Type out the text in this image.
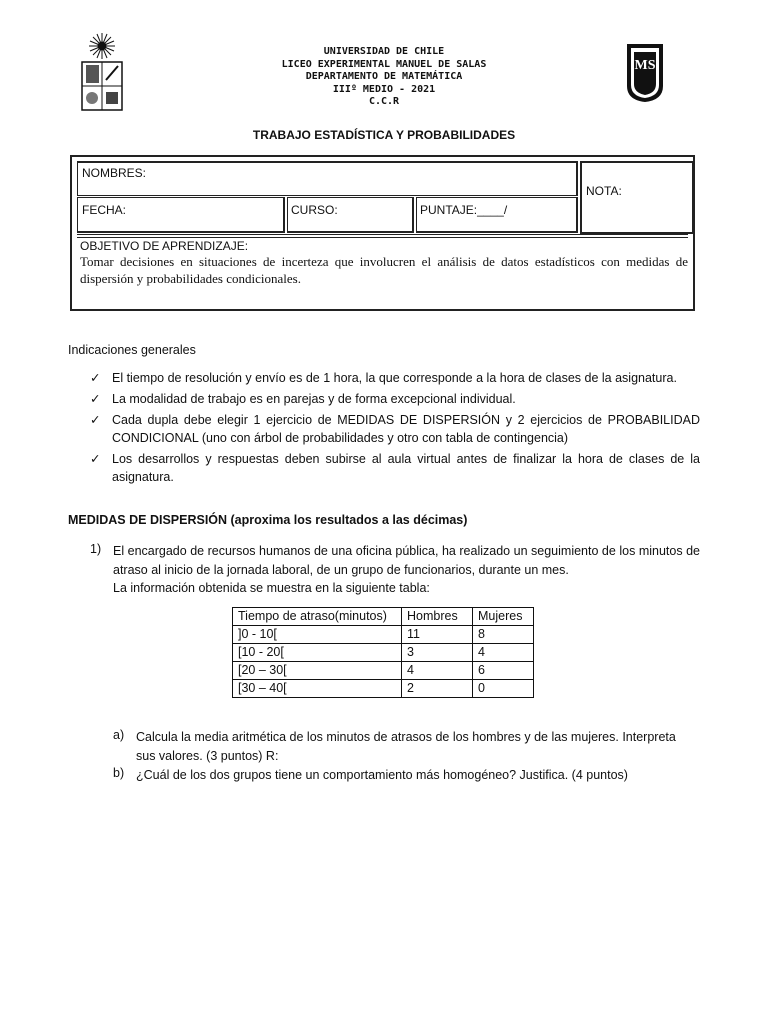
UNIVERSIDAD DE CHILE
LICEO EXPERIMENTAL MANUEL DE SALAS
DEPARTAMENTO DE MATEMÁTICA
IIIº MEDIO - 2021
C.C.R
MS
TRABAJO ESTADÍSTICA Y PROBABILIDADES
NOMBRES:
NOTA:
FECHA:	CURSO:	PUNTAJE:____/
OBJETIVO DE APRENDIZAJE:
Tomar decisiones en situaciones de incerteza que involucren el análisis de datos estadísticos con medidas de dispersión y probabilidades condicionales.
Indicaciones generales
✓ El tiempo de resolución y envío es de 1 hora, la que corresponde a la hora de clases de la asignatura.
✓ La modalidad de trabajo es en parejas y de forma excepcional individual.
✓ Cada dupla debe elegir 1 ejercicio de MEDIDAS DE DISPERSIÓN y 2 ejercicios de PROBABILIDAD CONDICIONAL (uno con árbol de probabilidades y otro con tabla de contingencia)
✓ Los desarrollos y respuestas deben subirse al aula virtual antes de finalizar la hora de clases de la asignatura.
MEDIDAS DE DISPERSIÓN (aproxima los resultados a las décimas)
1) El encargado de recursos humanos de una oficina pública, ha realizado un seguimiento de los minutos de atraso al inicio de la jornada laboral, de un grupo de funcionarios, durante un mes.
La información obtenida se muestra en la siguiente tabla:
Tiempo de atraso(minutos)	Hombres	Mujeres
]0 - 10[	11	8
[10 - 20[	3	4
[20 – 30[	4	6
[30 – 40[	2	0
a) Calcula la media aritmética de los minutos de atrasos de los hombres y de las mujeres. Interpreta sus valores. (3 puntos) R:
b) ¿Cuál de los dos grupos tiene un comportamiento más homogéneo? Justifica. (4 puntos)
